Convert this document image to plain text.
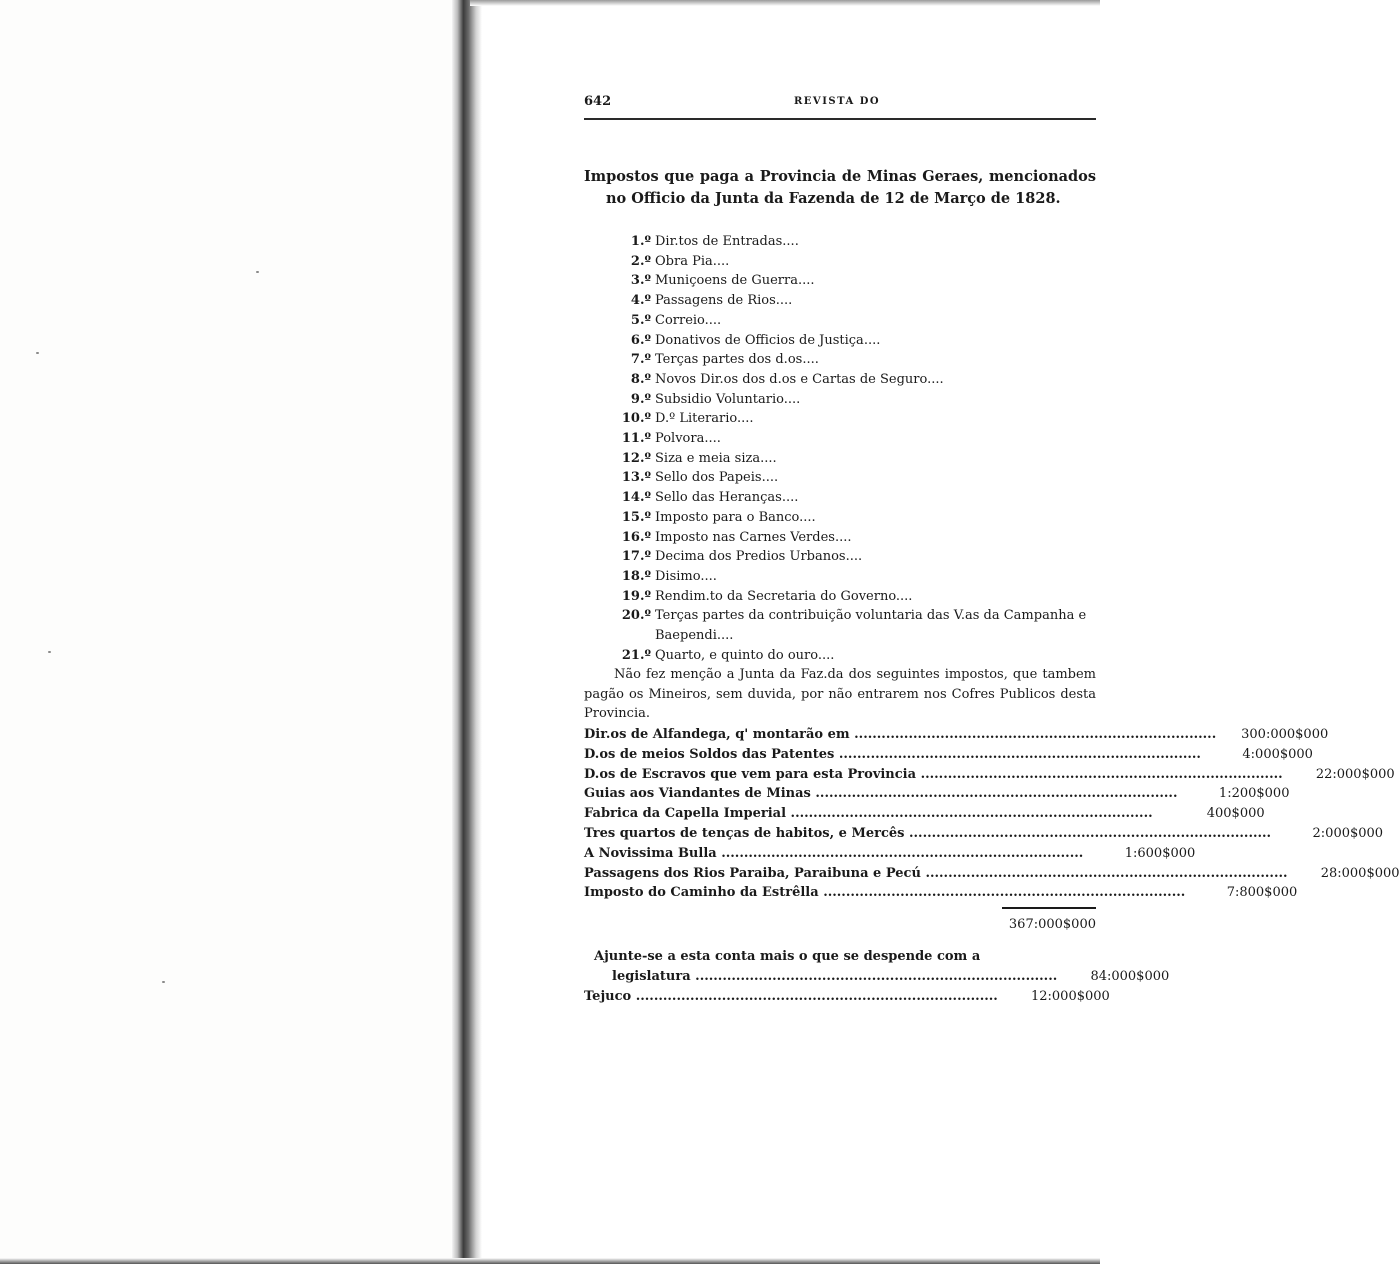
642	REVISTA DO
Impostos que paga a Provincia de Minas Geraes, mencionados no Officio da Junta da Fazenda de 12 de Março de 1828.
1.º Dir.tos de Entradas....
2.º Obra Pia....
3.º Muniçoens de Guerra....
4.º Passagens de Rios....
5.º Correio....
6.º Donativos de Officios de Justiça....
7.º Terças partes dos d.os....
8.º Novos Dir.os dos d.os e Cartas de Seguro....
9.º Subsidio Voluntario....
10.º D.º Literario....
11.º Polvora....
12.º Siza e meia siza....
13.º Sello dos Papeis....
14.º Sello das Heranças....
15.º Imposto para o Banco....
16.º Imposto nas Carnes Verdes....
17.º Decima dos Predios Urbanos....
18.º Disimo....
19.º Rendim.to da Secretaria do Governo....
20.º Terças partes da contribuição voluntaria das V.as da Campanha e Baependi....
21.º Quarto, e quinto do ouro....
Não fez menção a Junta da Faz.da dos seguintes impostos, que tambem pagão os Mineiros, sem duvida, por não entrarem nos Cofres Publicos desta Provincia.
Dir.os de Alfandega, q' montarão em ................................................................................	300:000$000
D.os de meios Soldos das Patentes ................................................................................	4:000$000
D.os de Escravos que vem para esta Provincia ................................................................................	22:000$000
Guias aos Viandantes de Minas ................................................................................	1:200$000
Fabrica da Capella Imperial ................................................................................	400$000
Tres quartos de tenças de habitos, e Mercês ................................................................................	2:000$000
A Novissima Bulla ................................................................................	1:600$000
Passagens dos Rios Paraiba, Paraibuna e Pecú ................................................................................	28:000$000
Imposto do Caminho da Estrêlla ................................................................................	7:800$000
367:000$000
Ajunte-se a esta conta mais o que se despende com a
legislatura ................................................................................	84:000$000
Tejuco ................................................................................	12:000$000
